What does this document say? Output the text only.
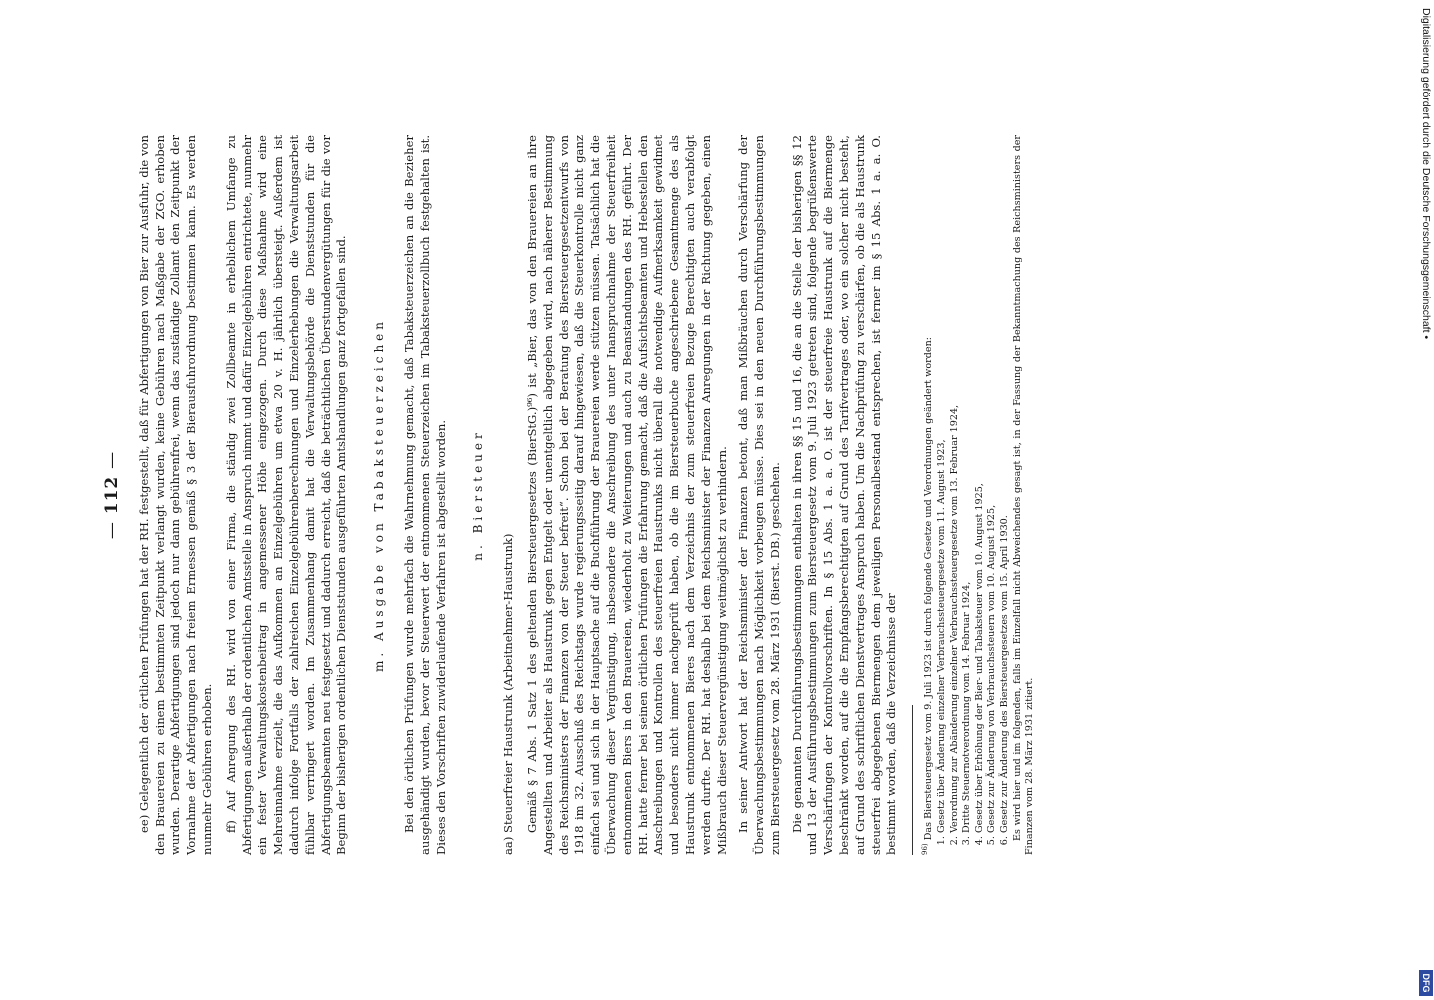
— 112 — ee) Gelegentlich der örtlichen Prüfungen hat der RH. festgestellt, daß für Abfertigungen von Bier zur Ausfuhr, die von den Brauereien zu einem bestimmten Zeitpunkt verlangt wurden, keine Gebühren nach Maßgabe der ZGO. erhoben wurden. Derartige Abfertigungen sind jedoch nur dann gebührenfrei, wenn das zuständige Zollamt den Zeitpunkt der Vornahme der Abfertigungen nach freiem Ermessen gemäß § 3 der Bierausfuhrordnung bestimmen kann. Es werden nunmehr Gebühren erhoben. ff) Auf Anregung des RH. wird von einer Firma, die ständig zwei Zollbeamte in erheblichem Umfange zu Abfertigungen außerhalb der ordentlichen Amtsstelle in Anspruch nimmt und dafür Einzelgebühren entrichtete, nunmehr ein fester Verwaltungskostenbeitrag in angemessener Höhe eingezogen. Durch diese Maßnahme wird eine Mehreinnahme erzielt, die das Aufkommen an Einzelgebühren um etwa 20 v. H. jährlich übersteigt. Außerdem ist dadurch infolge Fortfalls der zahlreichen Einzelgebührenberechnungen und Einzelerhebungen die Verwaltungsarbeit fühlbar verringert worden. Im Zusammenhang damit hat die Verwaltungsbehörde die Dienststunden für die Abfertigungsbeamten neu festgesetzt und dadurch erreicht, daß die beträchtlichen Überstundenvergütungen für die vor Beginn der bisherigen ordentlichen Dienststunden ausgeführten Amtshandlungen ganz fortgefallen sind. m. Ausgabe von Tabaksteuerzeichen Bei den örtlichen Prüfungen wurde mehrfach die Wahrnehmung gemacht, daß Tabaksteuerzeichen an die Bezieher ausgehändigt wurden, bevor der Steuerwert der entnommenen Steuerzeichen im Tabaksteuerzollbuch festgehalten ist. Dieses den Vorschriften zuwiderlaufende Verfahren ist abgestellt worden. n. Biersteuer

aa) Steuerfreier Haustrunk (Arbeitnehmer-Haustrunk) Gemäß § 7 Abs. 1 Satz 1 des geltenden Biersteuergesetzes (BierStG.)⁹⁶) ist „Bier, das von den Brauereien an ihre Angestellten und Arbeiter als Haustrunk gegen Entgelt oder unentgeltlich abgegeben wird, nach näherer Bestimmung des Reichsministers der Finanzen von der Steuer befreit“. Schon bei der Beratung des Biersteuergesetzentwurfs von 1918 im 32. Ausschuß des Reichstags wurde regierungsseitig darauf hingewiesen, daß die Steuerkontrolle nicht ganz einfach sei und sich in der Hauptsache auf die Buchführung der Brauereien werde stützen müssen. Tatsächlich hat die Überwachung dieser Vergünstigung, insbesondere die Anschreibung des unter Inanspruchnahme der Steuerfreiheit entnommenen Biers in den Brauereien, wiederholt zu Weiterungen und auch zu Beanstandungen des RH. geführt. Der RH. hatte ferner bei seinen örtlichen Prüfungen die Erfahrung gemacht, daß die Aufsichtsbeamten und Hebestellen den Anschreibungen und Kontrollen des steuerfreien Haustrunks nicht überall die notwendige Aufmerksamkeit gewidmet und besonders nicht immer nachgeprüft haben, ob die im Biersteuerbuche angeschriebene Gesamtmenge des als Haustrunk entnommenen Bieres nach dem Verzeichnis der zum steuerfreien Bezuge Berechtigten auch verabfolgt werden durfte. Der RH. hat deshalb bei dem Reichsminister der Finanzen Anregungen in der Richtung gegeben, einen Mißbrauch dieser Steuervergünstigung weitmöglichst zu verhindern. In seiner Antwort hat der Reichsminister der Finanzen betont, daß man Mißbräuchen durch Verschärfung der Überwachungsbestimmungen nach Möglichkeit vorbeugen müsse. Dies sei in den neuen Durchführungsbestimmungen zum Biersteuergesetz vom 28. März 1931 (Bierst. DB.) geschehen. Die genannten Durchführungsbestimmungen enthalten in ihren §§ 15 und 16, die an die Stelle der bisherigen §§ 12 und 13 der Ausführungsbestimmungen zum Biersteuergesetz vom 9. Juli 1923 getreten sind, folgende begrüßenswerte Verschärfungen der Kontrollvorschriften. In § 15 Abs. 1 a. a. O. ist der steuerfreie Haustrunk auf die Biermenge beschränkt worden, auf die die Empfangsberechtigten auf Grund des Tarifvertrages oder, wo ein solcher nicht besteht, auf Grund des schriftlichen Dienstvertrages Anspruch haben. Um die Nachprüfung zu verschärfen, ob die als Haustrunk steuerfrei abgegebenen Biermengen dem jeweiligen Personalbestand entsprechen, ist ferner im § 15 Abs. 1 a. a. O. bestimmt worden, daß die Verzeichnisse der	$^{96)}$ Das Biersteuergesetz vom 9. Juli 1923 ist durch folgende Gesetze und Verordnungen geändert worden: 1. Gesetz über Änderung einzelner Verbrauchssteuergesetze vom 11. August 1923, 2. Verordnung zur Abänderung einzelner Verbrauchssteuergesetze vom 13. Februar 1924, 3. Dritte Steuernotverordnung vom 14. Februar 1924, 4. Gesetz über Erhöhung der Bier- und Tabaksteuer vom 10. August 1925, 5. Gesetz zur Änderung von Verbrauchssteuern vom 10. August 1925, 6. Gesetz zur Änderung des Biersteuergesetzes vom 15. April 1930. Es wird hier und im folgenden, falls im Einzelfall nicht Abweichendes gesagt ist, in der Fassung der Bekanntmachung des Reichsministers der Finanzen vom 28. März 1931 zitiert.

Digitalisierung gefördert durch die Deutsche Forschungsgemeinschaft •
DFG
